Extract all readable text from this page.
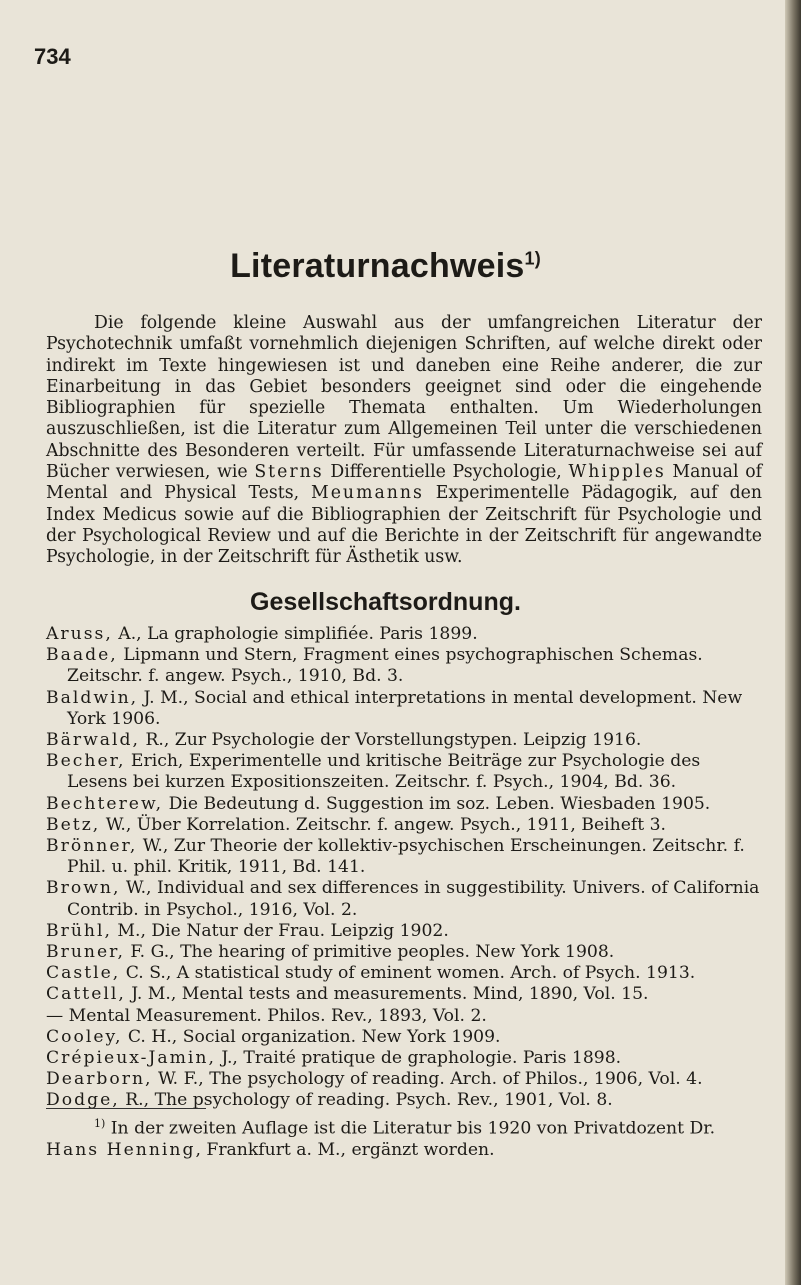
734
Literaturnachweis$^{1)}$

Die folgende kleine Auswahl aus der umfangreichen Literatur der Psychotechnik umfaßt vornehmlich diejenigen Schriften, auf welche direkt oder indirekt im Texte hingewiesen ist und daneben eine Reihe anderer, die zur Einarbeitung in das Gebiet besonders geeignet sind oder die eingehende Bibliographien für spezielle Themata enthalten. Um Wiederholungen auszuschließen, ist die Literatur zum Allgemeinen Teil unter die verschiedenen Abschnitte des Besonderen verteilt. Für umfassende Literaturnachweise sei auf Bücher verwiesen, wie Sterns Differentielle Psychologie, Whipples Manual of Mental and Physical Tests, Meumanns Experimentelle Pädagogik, auf den Index Medicus sowie auf die Bibliographien der Zeitschrift für Psychologie und der Psychological Review und auf die Berichte in der Zeitschrift für angewandte Psychologie, in der Zeitschrift für Ästhetik usw.

Gesellschaftsordnung.
Aruss, A., La graphologie simplifiée. Paris 1899.
Baade, Lipmann und Stern, Fragment eines psychographischen Schemas. Zeitschr. f. angew. Psych., 1910, Bd. 3.
Baldwin, J. M., Social and ethical interpretations in mental development. New York 1906.
Bärwald, R., Zur Psychologie der Vorstellungstypen. Leipzig 1916.
Becher, Erich, Experimentelle und kritische Beiträge zur Psychologie des Lesens bei kurzen Expositionszeiten. Zeitschr. f. Psych., 1904, Bd. 36.
Bechterew, Die Bedeutung d. Suggestion im soz. Leben. Wiesbaden 1905.
Betz, W., Über Korrelation. Zeitschr. f. angew. Psych., 1911, Beiheft 3.
Brönner, W., Zur Theorie der kollektiv-psychischen Erscheinungen. Zeitschr. f. Phil. u. phil. Kritik, 1911, Bd. 141.
Brown, W., Individual and sex differences in suggestibility. Univers. of California Contrib. in Psychol., 1916, Vol. 2.
Brühl, M., Die Natur der Frau. Leipzig 1902.
Bruner, F. G., The hearing of primitive peoples. New York 1908.
Castle, C. S., A statistical study of eminent women. Arch. of Psych. 1913.
Cattell, J. M., Mental tests and measurements. Mind, 1890, Vol. 15.
— Mental Measurement. Philos. Rev., 1893, Vol. 2.
Cooley, C. H., Social organization. New York 1909.
Crépieux-Jamin, J., Traité pratique de graphologie. Paris 1898.
Dearborn, W. F., The psychology of reading. Arch. of Philos., 1906, Vol. 4.
Dodge, R., The psychology of reading. Psych. Rev., 1901, Vol. 8.

$^{1)}$ In der zweiten Auflage ist die Literatur bis 1920 von Privatdozent Dr. Hans Henning, Frankfurt a. M., ergänzt worden.
